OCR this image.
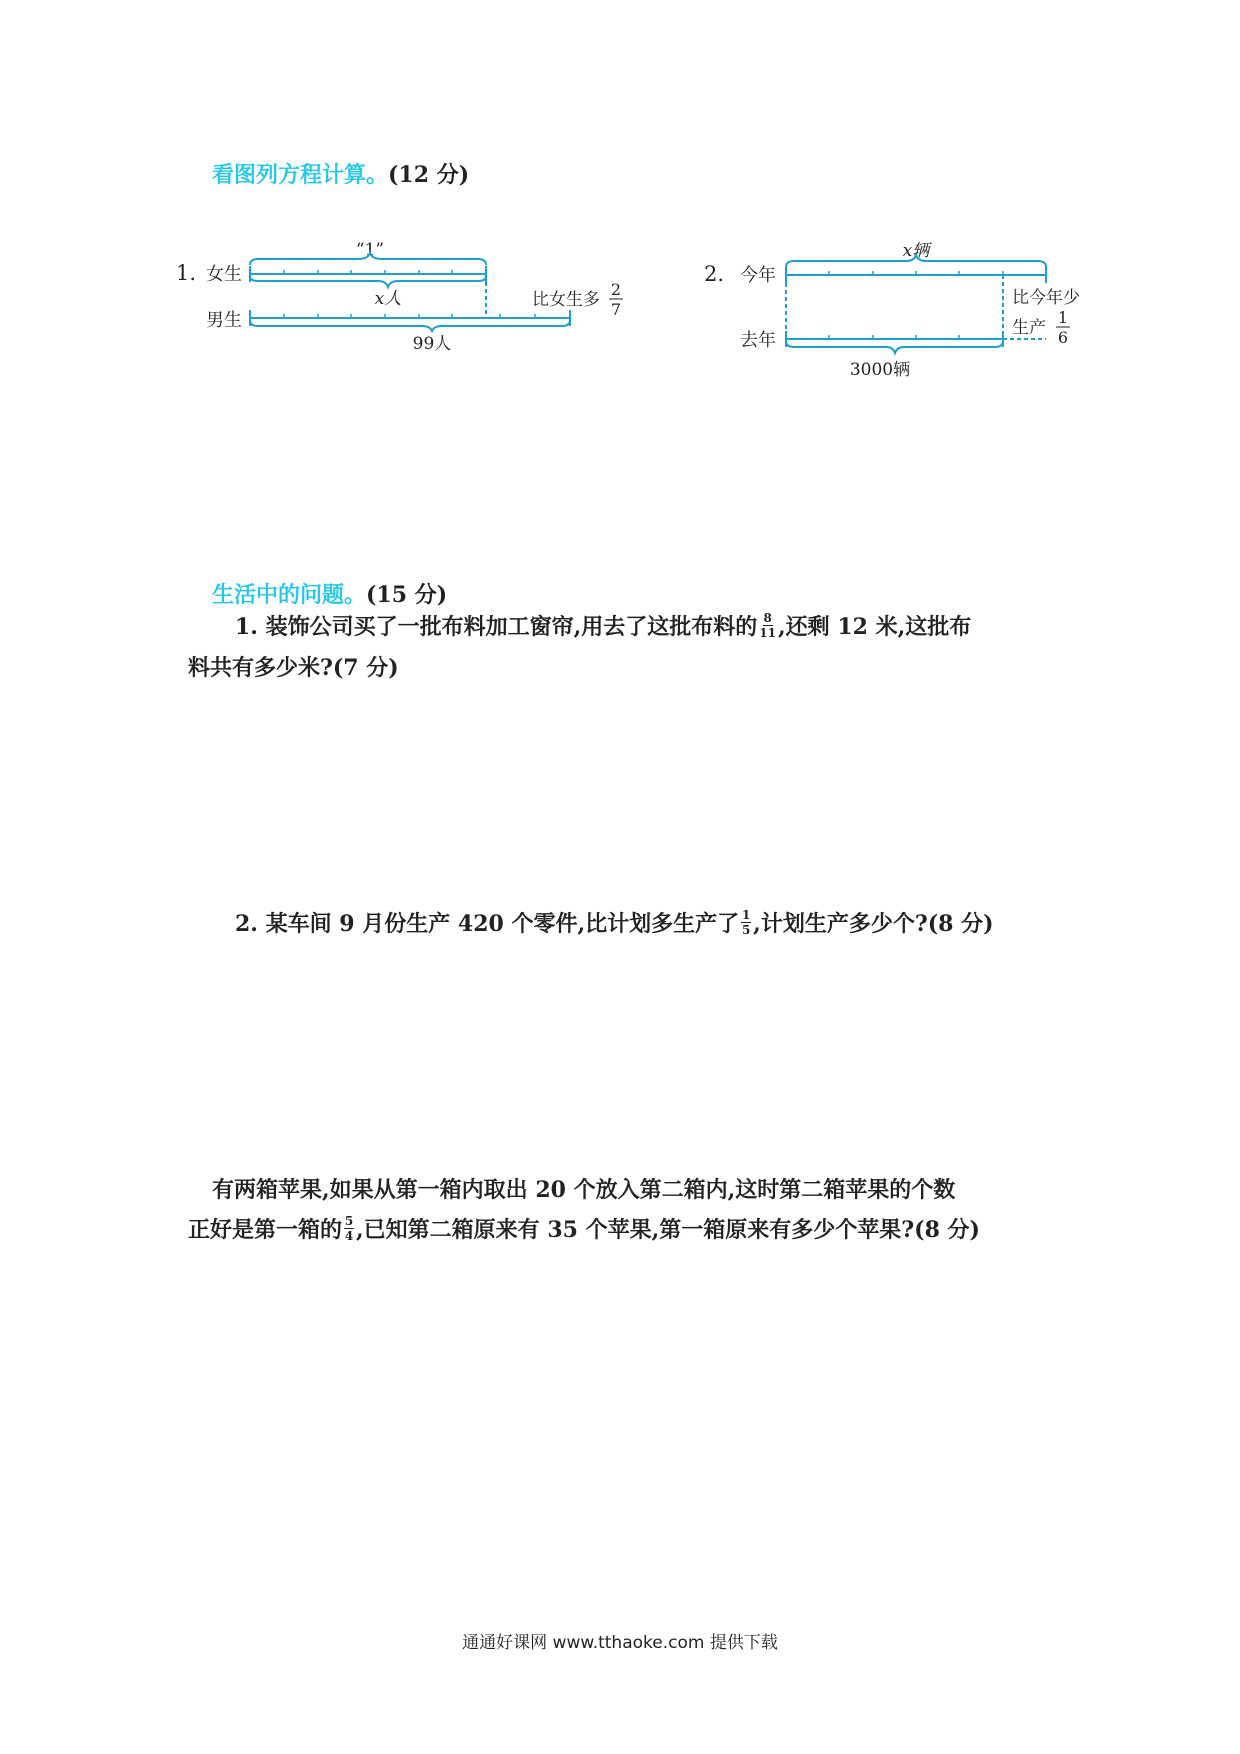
看图列方程计算。(12 分)
1. 女生
男生
“1”
x人
99人
比女生多
2
7
2. 今年
去年
x辆
3000辆
比今年少
生产
1
6
生活中的问题。(15 分)
1. 装饰公司买了一批布料加工窗帘,用去了这批布料的 $\frac{8}{11}$ ,还剩 12 米,这批布
料共有多少米?(7 分)
2. 某车间 9 月份生产 420 个零件,比计划多生产了 $\frac{1}{5}$ ,计划生产多少个?(8 分)
有两箱苹果,如果从第一箱内取出 20 个放入第二箱内,这时第二箱苹果的个数
正好是第一箱的 $\frac{5}{4}$ ,已知第二箱原来有 35 个苹果,第一箱原来有多少个苹果?(8 分)
通通好课网 www.tthaoke.com 提供下载
